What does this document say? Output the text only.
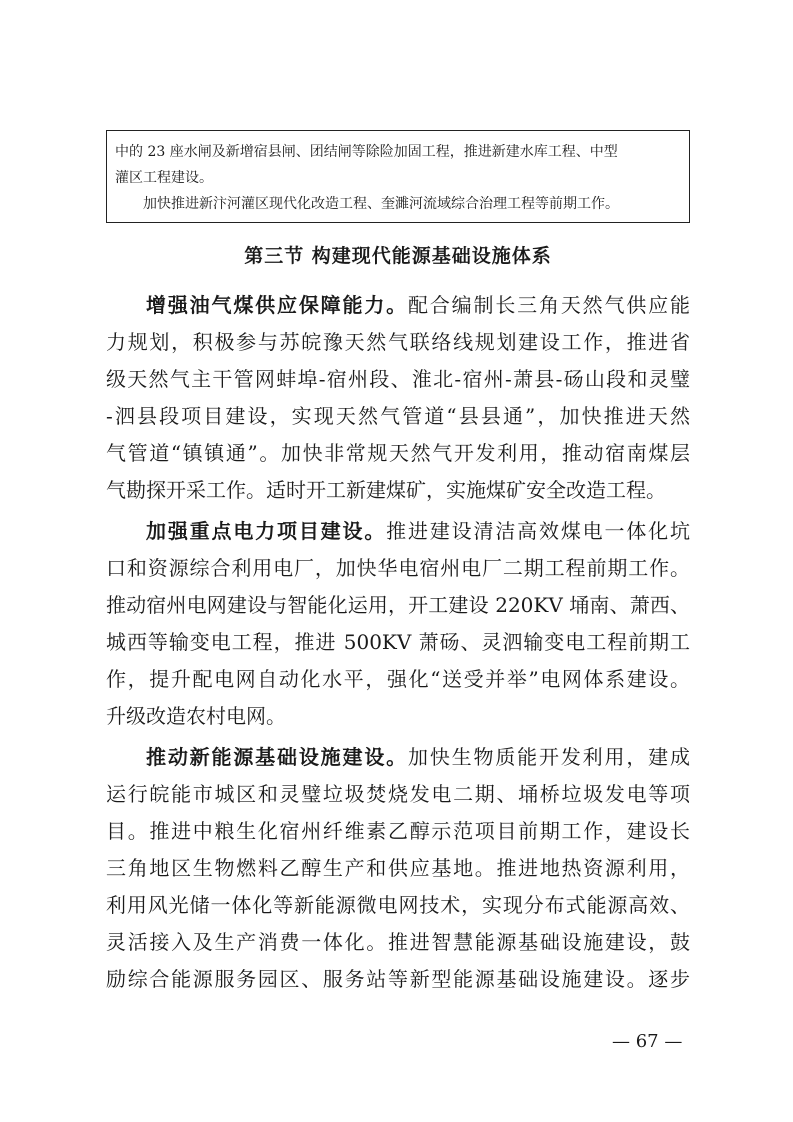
中的 23 座水闸及新增宿县闸、团结闸等除险加固工程，推进新建水库工程、中型

灌区工程建设。

加快推进新汴河灌区现代化改造工程、奎濉河流域综合治理工程等前期工作。

第三节 构建现代能源基础设施体系
增强油气煤供应保障能力。配合编制长三角天然气供应能
力规划，积极参与苏皖豫天然气联络线规划建设工作，推进省
级天然气主干管网蚌埠-宿州段、淮北-宿州-萧县-砀山段和灵璧
-泗县段项目建设，实现天然气管道“县县通”，加快推进天然
气管道“镇镇通”。加快非常规天然气开发利用，推动宿南煤层
气勘探开采工作。适时开工新建煤矿，实施煤矿安全改造工程。
加强重点电力项目建设。推进建设清洁高效煤电一体化坑
口和资源综合利用电厂，加快华电宿州电厂二期工程前期工作。
推动宿州电网建设与智能化运用，开工建设 220KV 埇南、萧西、
城西等输变电工程，推进 500KV 萧砀、灵泗输变电工程前期工
作，提升配电网自动化水平，强化“送受并举”电网体系建设。
升级改造农村电网。
推动新能源基础设施建设。加快生物质能开发利用，建成
运行皖能市城区和灵璧垃圾焚烧发电二期、埇桥垃圾发电等项
目。推进中粮生化宿州纤维素乙醇示范项目前期工作，建设长
三角地区生物燃料乙醇生产和供应基地。推进地热资源利用，
利用风光储一体化等新能源微电网技术，实现分布式能源高效、
灵活接入及生产消费一体化。推进智慧能源基础设施建设，鼓
励综合能源服务园区、服务站等新型能源基础设施建设。逐步
— 67 —
